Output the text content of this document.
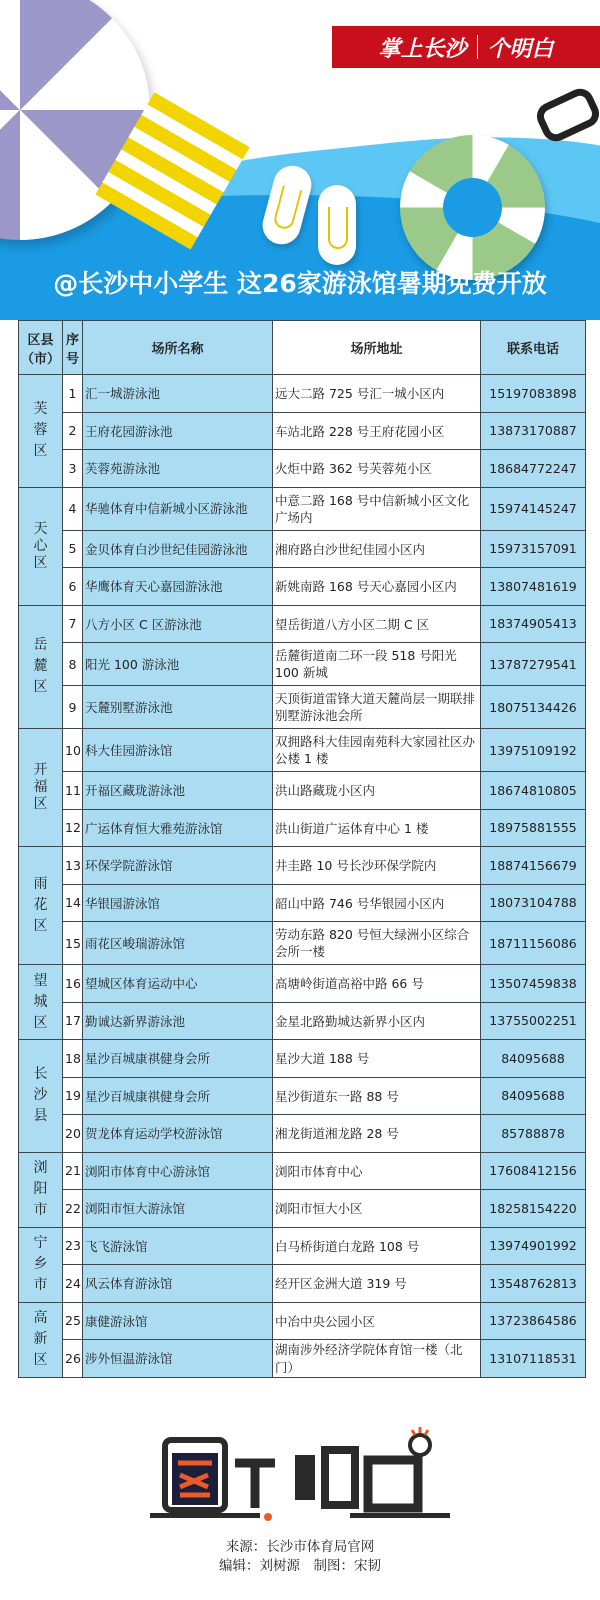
掌上长沙 个明白
@长沙中小学生 这26家游泳馆暑期免费开放
区县（市）	序号	场所名称	场所地址	联系电话
芙蓉区	1	汇一城游泳池	远大二路 725 号汇一城小区内	15197083898
	2	王府花园游泳池	车站北路 228 号王府花园小区	13873170887
	3	芙蓉苑游泳池	火炬中路 362 号芙蓉苑小区	18684772247
天心区	4	华驰体育中信新城小区游泳池	中意二路 168 号中信新城小区文化广场内	15974145247
	5	金贝体育白沙世纪佳园游泳池	湘府路白沙世纪佳园小区内	15973157091
	6	华鹰体育天心嘉园游泳池	新姚南路 168 号天心嘉园小区内	13807481619
岳麓区	7	八方小区 C 区游泳池	望岳街道八方小区二期 C 区	18374905413
	8	阳光 100 游泳池	岳麓街道南二环一段 518 号阳光 100 新城	13787279541
	9	天麓别墅游泳池	天顶街道雷锋大道天麓尚层一期联排别墅游泳池会所	18075134426
开福区	10	科大佳园游泳馆	双拥路科大佳园南苑科大家园社区办公楼 1 楼	13975109192
	11	开福区藏珑游泳池	洪山路藏珑小区内	18674810805
	12	广运体育恒大雅苑游泳馆	洪山街道广运体育中心 1 楼	18975881555
雨花区	13	环保学院游泳馆	井圭路 10 号长沙环保学院内	18874156679
	14	华银园游泳馆	韶山中路 746 号华银园小区内	18073104788
	15	雨花区峻瑞游泳馆	劳动东路 820 号恒大绿洲小区综合会所一楼	18711156086
望城区	16	望城区体育运动中心	高塘岭街道高裕中路 66 号	13507459838
	17	勤诚达新界游泳池	金星北路勤城达新界小区内	13755002251
长沙县	18	星沙百城康祺健身会所	星沙大道 188 号	84095688
	19	星沙百城康祺健身会所	星沙街道东一路 88 号	84095688
	20	贺龙体育运动学校游泳馆	湘龙街道湘龙路 28 号	85788878
浏阳市	21	浏阳市体育中心游泳馆	浏阳市体育中心	17608412156
	22	浏阳市恒大游泳馆	浏阳市恒大小区	18258154220
宁乡市	23	飞飞游泳馆	白马桥街道白龙路 108 号	13974901992
	24	风云体育游泳馆	经开区金洲大道 319 号	13548762813
高新区	25	康健游泳馆	中冶中央公园小区	13723864586
	26	涉外恒温游泳馆	湖南涉外经济学院体育馆一楼（北门）	13107118531
来源：长沙市体育局官网
编辑：刘树源　制图：宋韧
